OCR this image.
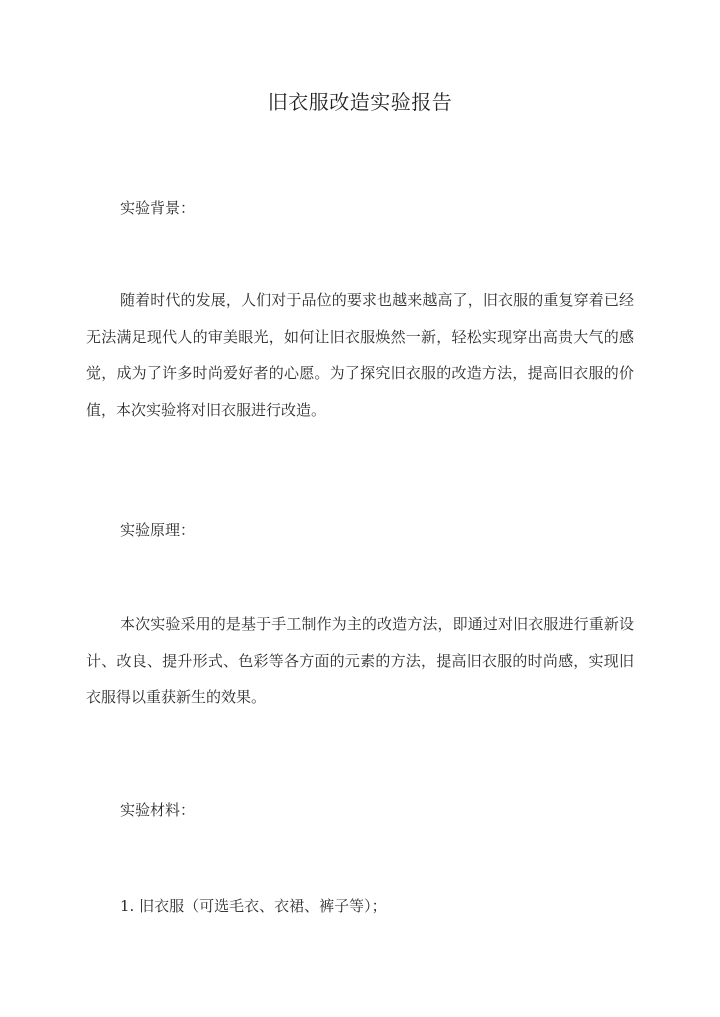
旧衣服改造实验报告
实验背景：
随着时代的发展，人们对于品位的要求也越来越高了，旧衣服的重复穿着已经无法满足现代人的审美眼光，如何让旧衣服焕然一新，轻松实现穿出高贵大气的感觉，成为了许多时尚爱好者的心愿。为了探究旧衣服的改造方法，提高旧衣服的价值，本次实验将对旧衣服进行改造。
实验原理：
本次实验采用的是基于手工制作为主的改造方法，即通过对旧衣服进行重新设计、改良、提升形式、色彩等各方面的元素的方法，提高旧衣服的时尚感，实现旧衣服得以重获新生的效果。
实验材料：
1. 旧衣服（可选毛衣、衣裙、裤子等）；
